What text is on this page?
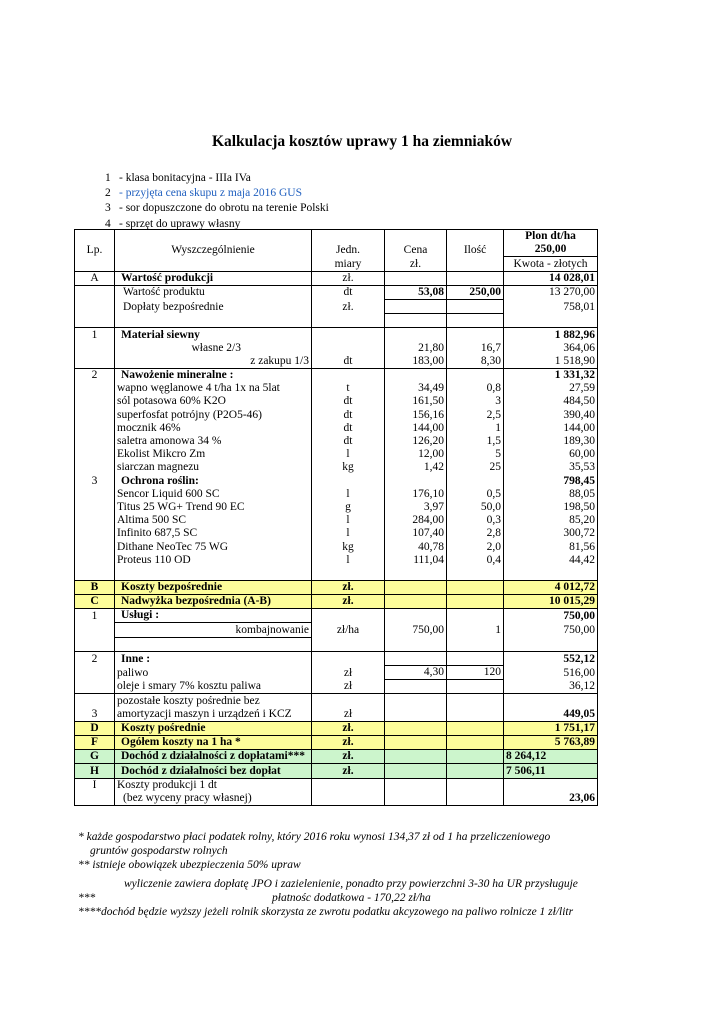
Kalkulacja kosztów uprawy 1 ha ziemniaków
1 - klasa bonitacyjna - IIIa IVa
2 - przyjęta cena skupu z maja 2016 GUS
3 - sor dopuszczone do obrotu na terenie Polski
4 - sprzęt do uprawy własny
Lp.	Wyszczególnienie			Ilość	Plon dt/ha
		Jedn.	Cena		250,00
		miary	zł.		Kwota - złotych
A	Wartość produkcji	zł.			14 028,01
	Wartość produktu	dt	53,08	250,00	13 270,00
	Dopłaty bezpośrednie	zł.			758,01

1	Materiał siewny				1 882,96
	własne 2/3		21,80	16,7	364,06
	z zakupu 1/3	dt	183,00	8,30	1 518,90
2	Nawożenie mineralne :				1 331,32
	wapno węglanowe 4 t/ha 1x na 5lat	t	34,49	0,8	27,59
	sól potasowa 60% K2O	dt	161,50	3	484,50
	superfosfat potrójny (P2O5-46)	dt	156,16	2,5	390,40
	mocznik 46%	dt	144,00	1	144,00
	saletra amonowa 34 %	dt	126,20	1,5	189,30
	Ekolist Mikcro Zm	l	12,00	5	60,00
	siarczan magnezu	kg	1,42	25	35,53
3	Ochrona roślin:				798,45
	Sencor Liquid 600 SC	l	176,10	0,5	88,05
	Titus 25 WG+ Trend 90 EC	g	3,97	50,0	198,50
	Altima 500 SC	l	284,00	0,3	85,20
	Infinito 687,5 SC	l	107,40	2,8	300,72
	Dithane NeoTec 75 WG	kg	40,78	2,0	81,56
	Proteus 110 OD	l	111,04	0,4	44,42

B	Koszty bezpośrednie	zł.			4 012,72
C	Nadwyżka bezpośrednia (A-B)	zł.			10 015,29
1	Usługi :				750,00
	kombajnowanie	zł/ha	750,00	1	750,00

2	Inne :				552,12
	paliwo	zł	4,30	120	516,00
	oleje i smary 7% kosztu paliwa	zł			36,12
	pozostałe koszty pośrednie bez				
3	amortyzacji maszyn i urządzeń i KCZ	zł			449,05
D	Koszty pośrednie	zł.			1 751,17
F	Ogółem koszty na 1 ha *	zł.			5 763,89
G	Dochód z działalności z dopłatami***	zł.			8 264,12
H	Dochód z działalności bez dopłat	zł.			7 506,11
I	Koszty produkcji 1 dt				
	(bez wyceny pracy własnej)				23,06
* każde gospodarstwo płaci podatek rolny, który 2016 roku wynosi 134,37 zł od 1 ha przeliczeniowego
gruntów gospodarstw rolnych
** istnieje obowiązek ubezpieczenia 50% upraw
wyliczenie zawiera dopłatę JPO i zazielenienie, ponadto przy powierzchni 3-30 ha UR przysługuje
***	płatnośc dodatkowa - 170,22 zł/ha
****dochód będzie wyższy jeżeli rolnik skorzysta ze zwrotu podatku akcyzowego na paliwo rolnicze 1 zł/litr
